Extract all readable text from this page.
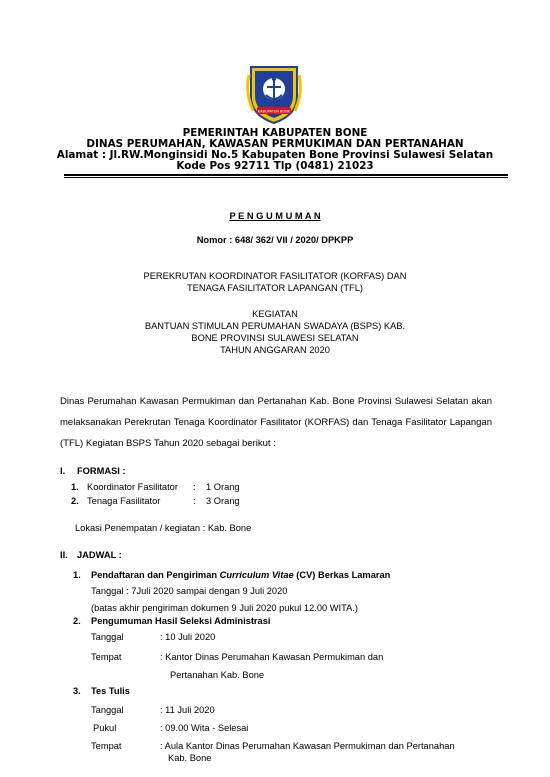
KABUPATEN BONE
PEMERINTAH KABUPATEN BONE
DINAS PERUMAHAN, KAWASAN PERMUKIMAN DAN PERTANAHAN
Alamat : Jl.RW.Monginsidi No.5 Kabupaten Bone Provinsi Sulawesi Selatan
Kode Pos 92711 Tlp (0481) 21023
P E N G U M U M A N
Nomor : 648/ 362/ VII / 2020/ DPKPP
PEREKRUTAN KOORDINATOR FASILITATOR (KORFAS) DAN
TENAGA FASILITATOR LAPANGAN (TFL)
KEGIATAN
BANTUAN STIMULAN PERUMAHAN SWADAYA (BSPS) KAB.
BONE PROVINSI SULAWESI SELATAN
TAHUN ANGGARAN 2020
Dinas Perumahan Kawasan Permukiman dan Pertanahan Kab. Bone Provinsi Sulawesi Selatan akan melaksanakan Perekrutan Tenaga Koordinator Fasilitator (KORFAS) dan Tenaga Fasilitator Lapangan (TFL) Kegiatan BSPS Tahun 2020 sebagai berikut :
I. FORMASI :
1. Koordinator Fasilitator : 1 Orang
2. Tenaga Fasilitator	: 3 Orang
Lokasi Penempatan / kegiatan : Kab. Bone
II. JADWAL :
1. Pendaftaran dan Pengiriman Curriculum Vitae (CV) Berkas Lamaran
Tanggal : 7Juli 2020 sampai dengan 9 Juli 2020
(batas akhir pengiriman dokumen 9 Juli 2020 pukul 12.00 WITA.)
2. Pengumuman Hasil Seleksi Administrasi
Tanggal	: 10 Juli 2020
Tempat	: Kantor Dinas Perumahan Kawasan Permukiman dan
Pertanahan Kab. Bone
3. Tes Tulis
Tanggal	: 11 Juli 2020
Pukul	: 09.00 Wita - Selesai
Tempat	: Aula Kantor Dinas Perumahan Kawasan Permukiman dan Pertanahan
Kab. Bone
